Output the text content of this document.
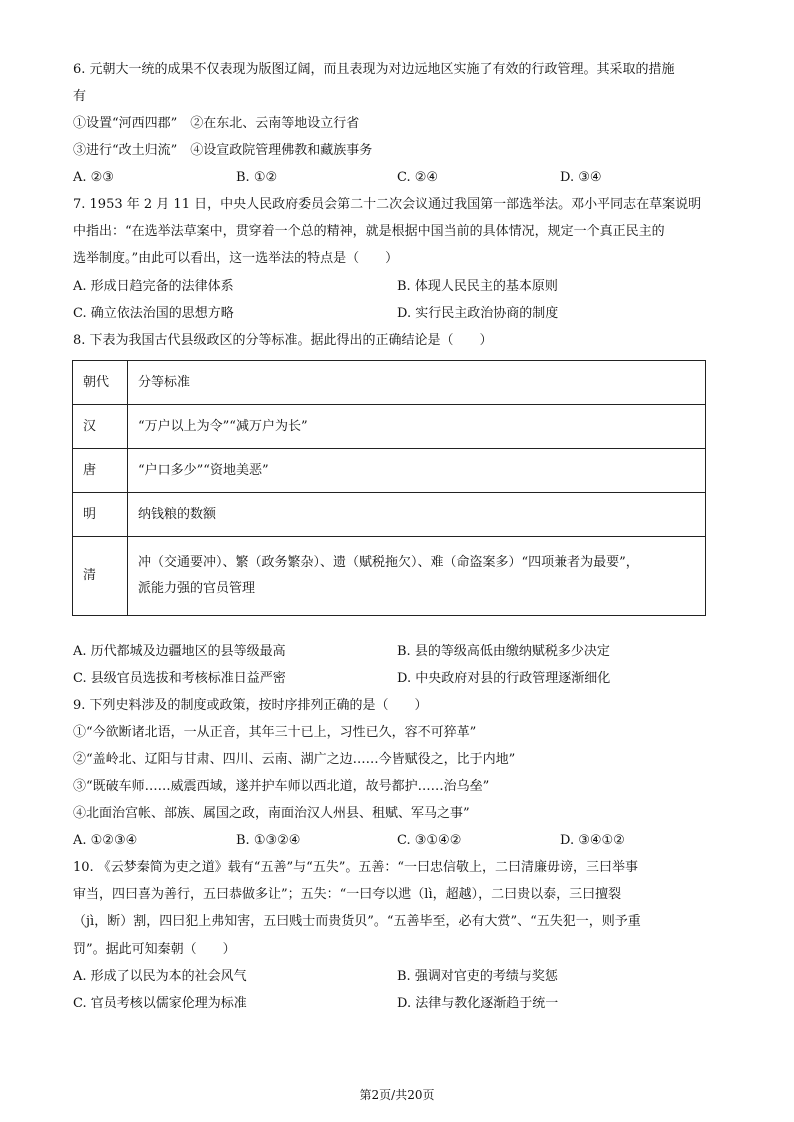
6. 元朝大一统的成果不仅表现为版图辽阔，而且表现为对边远地区实施了有效的行政管理。其采取的措施
有
①设置“河西四郡”　②在东北、云南等地设立行省
③进行“改土归流”　④设宣政院管理佛教和藏族事务
A. ②③	B. ①②	C. ②④	D. ③④
7. 1953 年 2 月 11 日，中央人民政府委员会第二十二次会议通过我国第一部选举法。邓小平同志在草案说明
中指出：“在选举法草案中，贯穿着一个总的精神，就是根据中国当前的具体情况，规定一个真正民主的
选举制度。”由此可以看出，这一选举法的特点是（　　）
A. 形成日趋完备的法律体系	B. 体现人民民主的基本原则
C. 确立依法治国的思想方略	D. 实行民主政治协商的制度
8. 下表为我国古代县级政区的分等标准。据此得出的正确结论是（　　）
朝代	分等标准
汉	“万户以上为令”“减万户为长”
唐	“户口多少”“资地美恶”
明	纳钱粮的数额
清	冲（交通要冲）、繁（政务繁杂）、遗（赋税拖欠）、难（命盗案多）“四项兼者为最要”，
派能力强的官员管理
A. 历代都城及边疆地区的县等级最高	B. 县的等级高低由缴纳赋税多少决定
C. 县级官员选拔和考核标准日益严密	D. 中央政府对县的行政管理逐渐细化
9. 下列史料涉及的制度或政策，按时序排列正确的是（　　）
①“今欲断诸北语，一从正音，其年三十已上，习性已久，容不可猝革”
②“盖岭北、辽阳与甘肃、四川、云南、湖广之边……今皆赋役之，比于内地”
③“既破车师……威震西域，遂并护车师以西北道，故号都护……治乌垒”
④北面治宫帐、部族、属国之政，南面治汉人州县、租赋、军马之事”
A. ①②③④	B. ①③②④	C. ③①④②	D. ③④①②
10. 《云梦秦简为吏之道》载有“五善”与“五失”。五善：“一曰忠信敬上，二曰清廉毋谤，三曰举事
审当，四曰喜为善行，五曰恭做多让”；五失：“一曰夸以迣（lì，超越），二曰贵以泰，三曰擅裂
（jì，断）割，四曰犯上弗知害，五曰贱士而贵货贝”。“五善毕至，必有大赏”、“五失犯一，则予重
罚”。据此可知秦朝（　　）
A. 形成了以民为本的社会风气	B. 强调对官吏的考绩与奖惩
C. 官员考核以儒家伦理为标准	D. 法律与教化逐渐趋于统一
第2页/共20页
